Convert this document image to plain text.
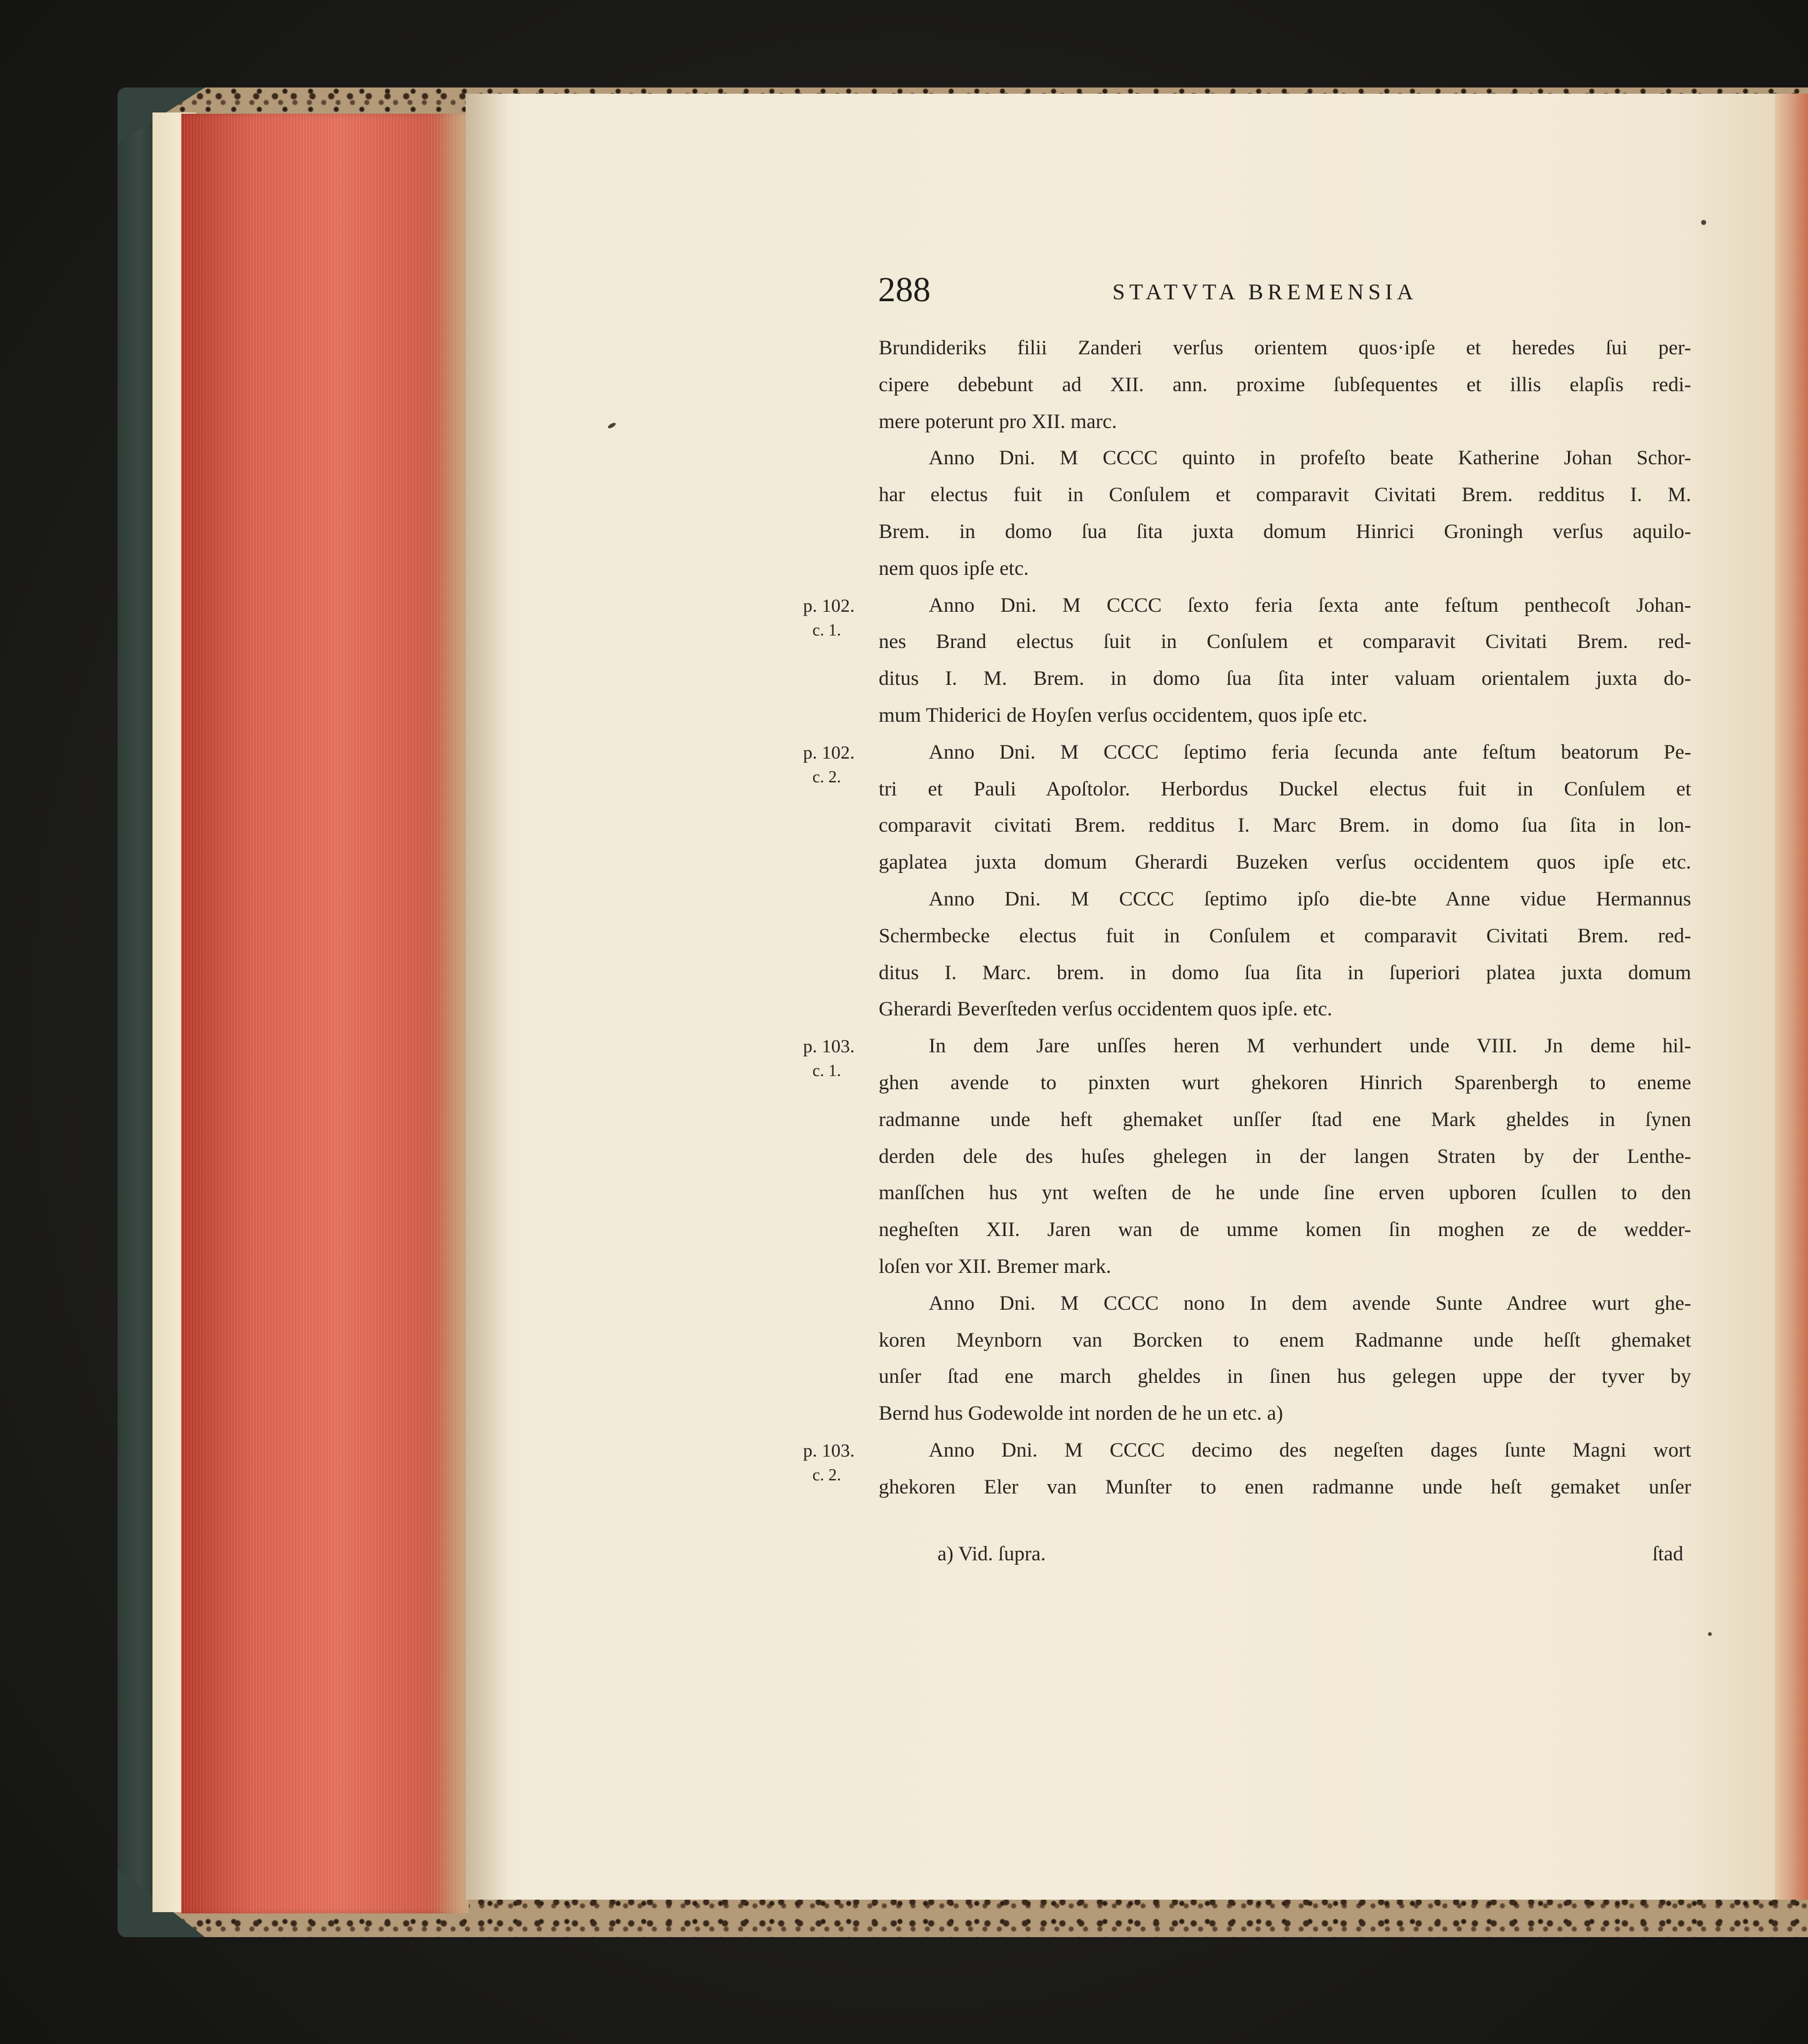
288	STATVTA BREMENSIA
Brundideriks filii Zanderi verſus orientem quos·ipſe et heredes ſui per-
cipere debebunt ad XII. ann. proxime ſubſequentes et illis elapſis redi-
mere poterunt pro XII. marc.
Anno Dni. M CCCC quinto in profeſto beate Katherine Johan Schor-
har electus fuit in Conſulem et comparavit Civitati Brem. redditus I. M.
Brem. in domo ſua ſita juxta domum Hinrici Groningh verſus aquilo-
nem quos ipſe etc.
Anno Dni. M CCCC ſexto feria ſexta ante feſtum penthecoſt Johan-
nes Brand electus ſuit in Conſulem et comparavit Civitati Brem. red-
ditus I. M. Brem. in domo ſua ſita inter valuam orientalem juxta do-
mum Thiderici de Hoyſen verſus occidentem, quos ipſe etc.
Anno Dni. M CCCC ſeptimo feria ſecunda ante feſtum beatorum Pe-
tri et Pauli Apoſtolor. Herbordus Duckel electus fuit in Conſulem et
comparavit civitati Brem. redditus I. Marc Brem. in domo ſua ſita in lon-
gaplatea juxta domum Gherardi Buzeken verſus occidentem quos ipſe etc.
Anno Dni. M CCCC ſeptimo ipſo die-bte Anne vidue Hermannus
Schermbecke electus fuit in Conſulem et comparavit Civitati Brem. red-
ditus I. Marc. brem. in domo ſua ſita in ſuperiori platea juxta domum
Gherardi Beverſteden verſus occidentem quos ipſe. etc.
In dem Jare unſſes heren M verhundert unde VIII. Jn deme hil-
ghen avende to pinxten wurt ghekoren Hinrich Sparenbergh to eneme
radmanne unde heft ghemaket unſſer ſtad ene Mark gheldes in ſynen
derden dele des huſes ghelegen in der langen Straten by der Lenthe-
manſſchen hus ynt weſten de he unde ſine erven upboren ſcullen to den
negheſten XII. Jaren wan de umme komen ſin moghen ze de wedder-
loſen vor XII. Bremer mark.
Anno Dni. M CCCC nono In dem avende Sunte Andree wurt ghe-
koren Meynborn van Borcken to enem Radmanne unde heſſt ghemaket
unſer ſtad ene march gheldes in ſinen hus gelegen uppe der tyver by
Bernd hus Godewolde int norden de he un etc. a)
Anno Dni. M CCCC decimo des negeſten dages ſunte Magni wort
ghekoren Eler van Munſter to enen radmanne unde heſt gemaket unſer
p. 102.
c. 1.
p. 102.
c. 2.
p. 103.
c. 1.
p. 103.
c. 2.
a) Vid. ſupra.	ſtad
